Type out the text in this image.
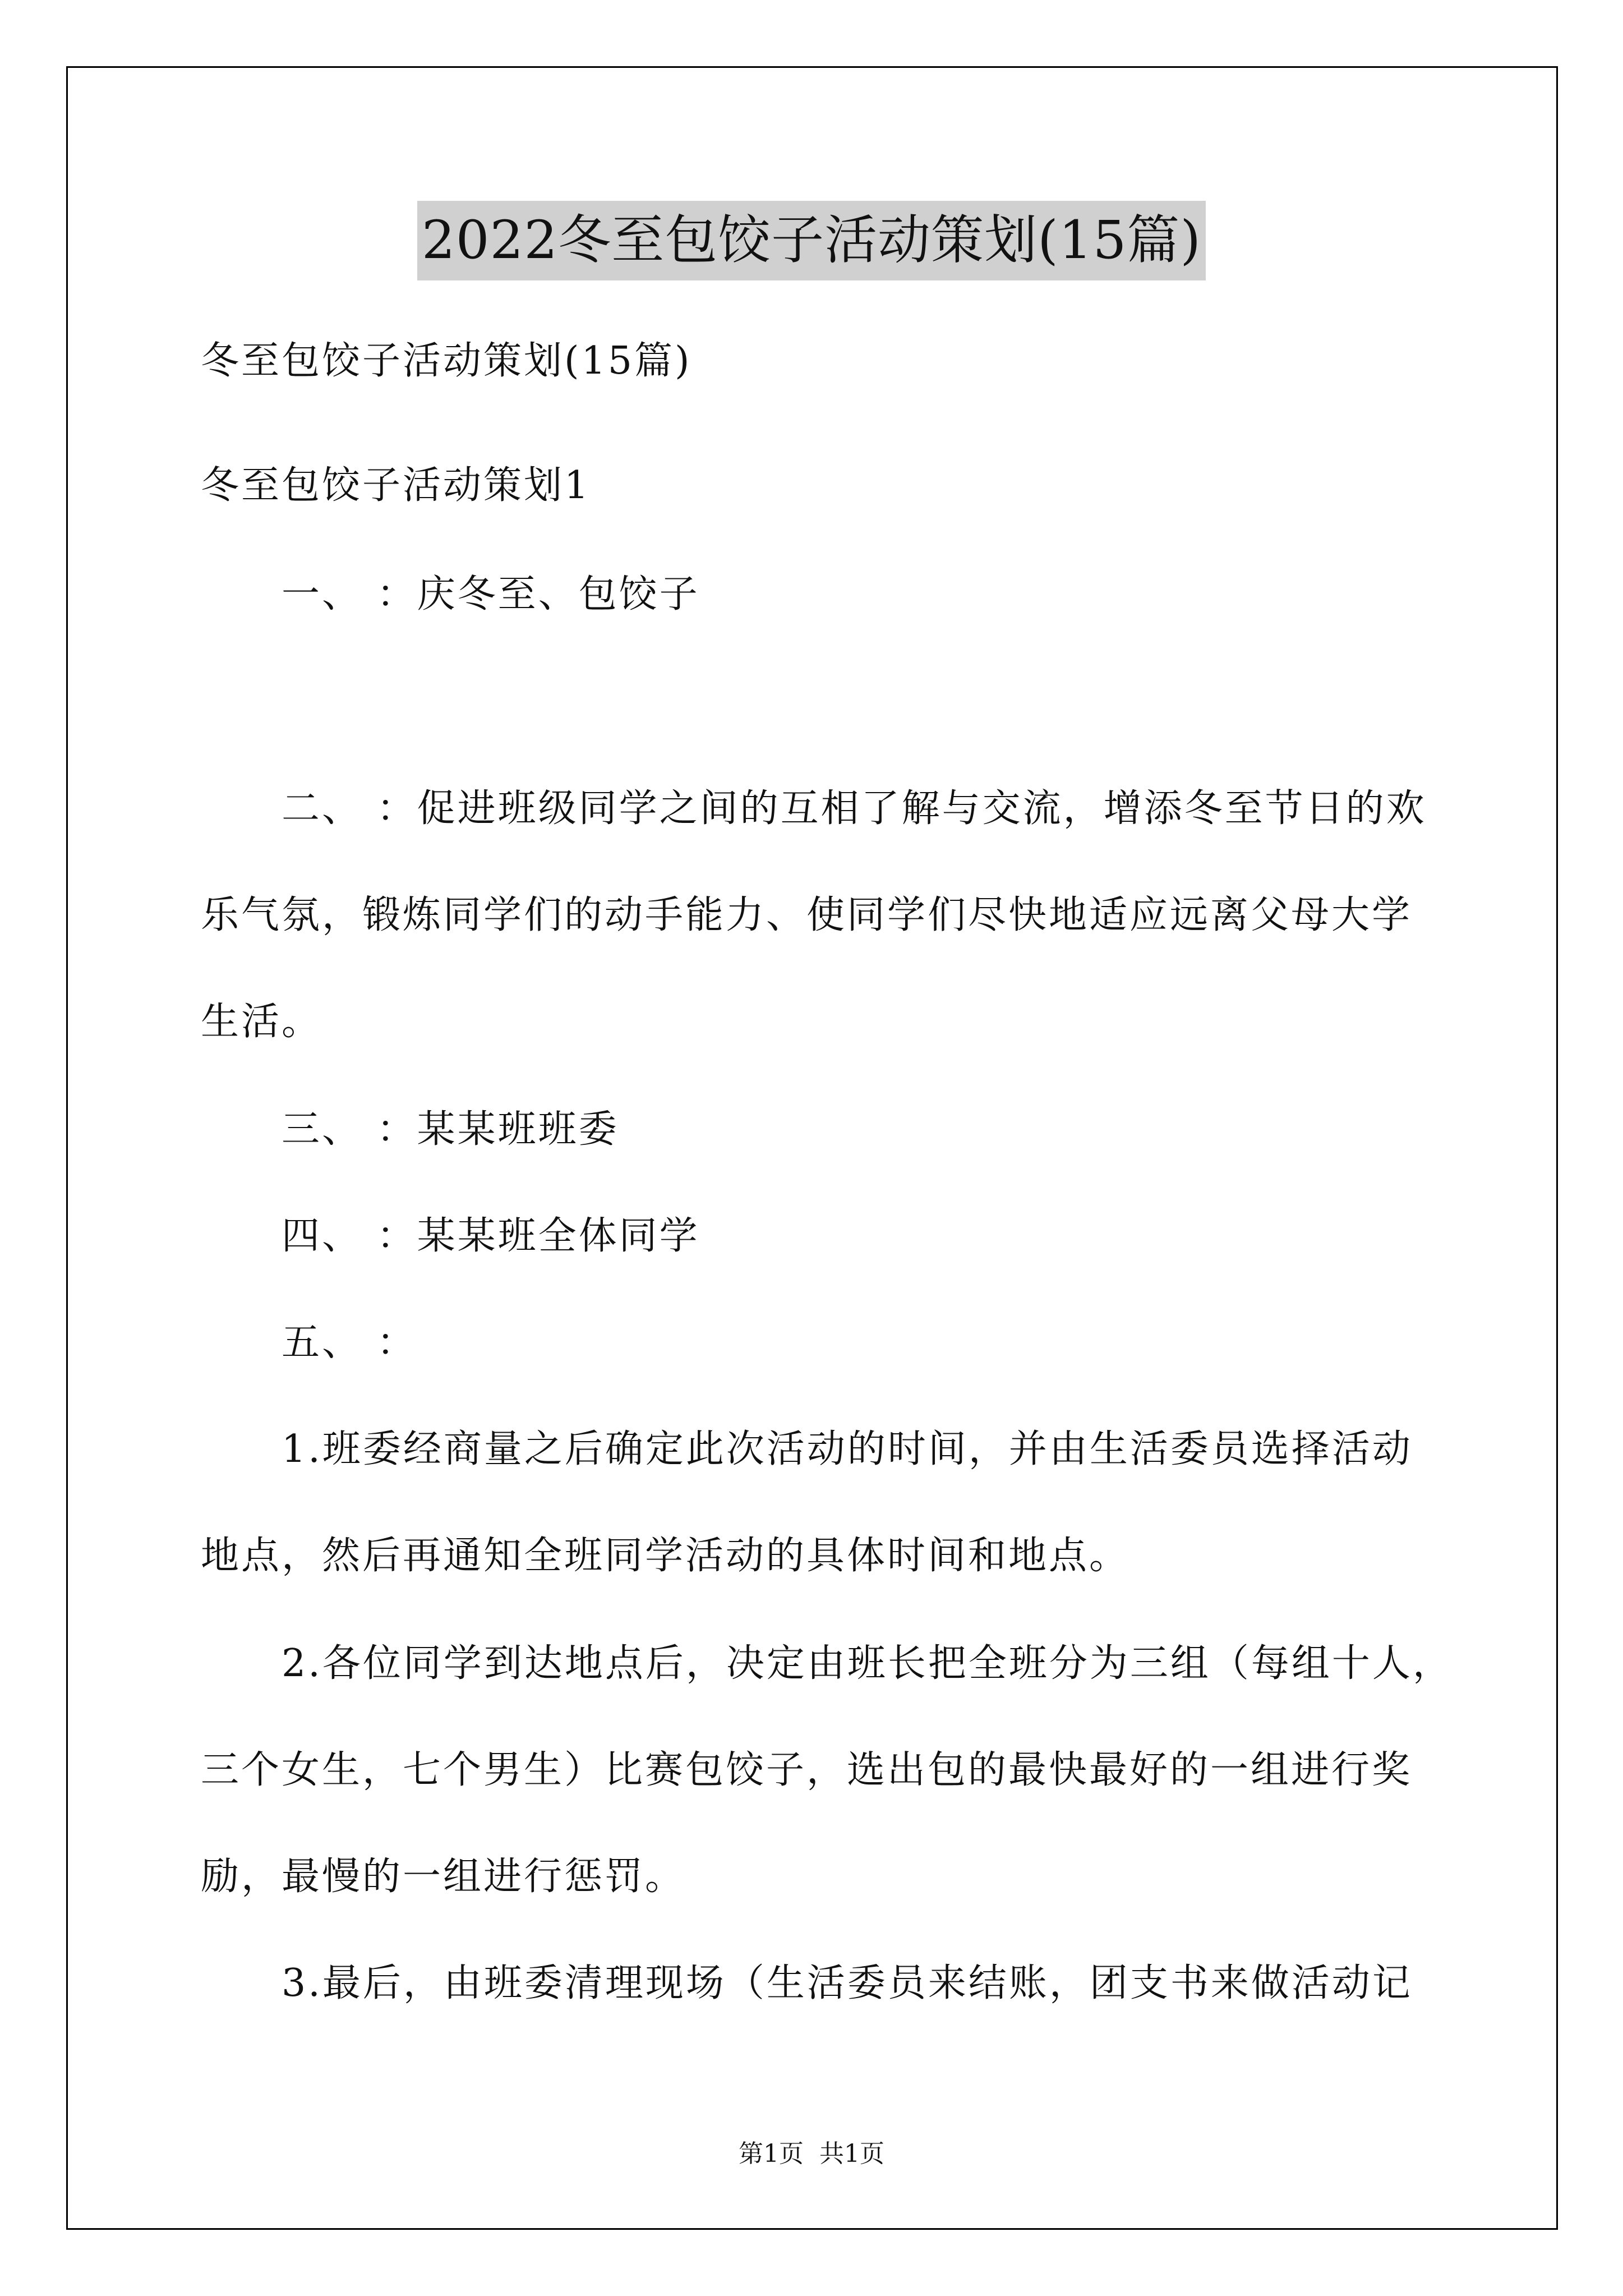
2022冬至包饺子活动策划(15篇)
冬至包饺子活动策划(15篇)
冬至包饺子活动策划1
一、 ：庆冬至、包饺子
二、 ：促进班级同学之间的互相了解与交流，增添冬至节日的欢
乐气氛，锻炼同学们的动手能力、使同学们尽快地适应远离父母大学
生活。
三、 ：某某班班委
四、 ：某某班全体同学
五、 ：
1.班委经商量之后确定此次活动的时间，并由生活委员选择活动
地点，然后再通知全班同学活动的具体时间和地点。
2.各位同学到达地点后，决定由班长把全班分为三组（每组十人，
三个女生，七个男生）比赛包饺子，选出包的最快最好的一组进行奖
励，最慢的一组进行惩罚。
3.最后，由班委清理现场（生活委员来结账，团支书来做活动记
第1页 共1页
